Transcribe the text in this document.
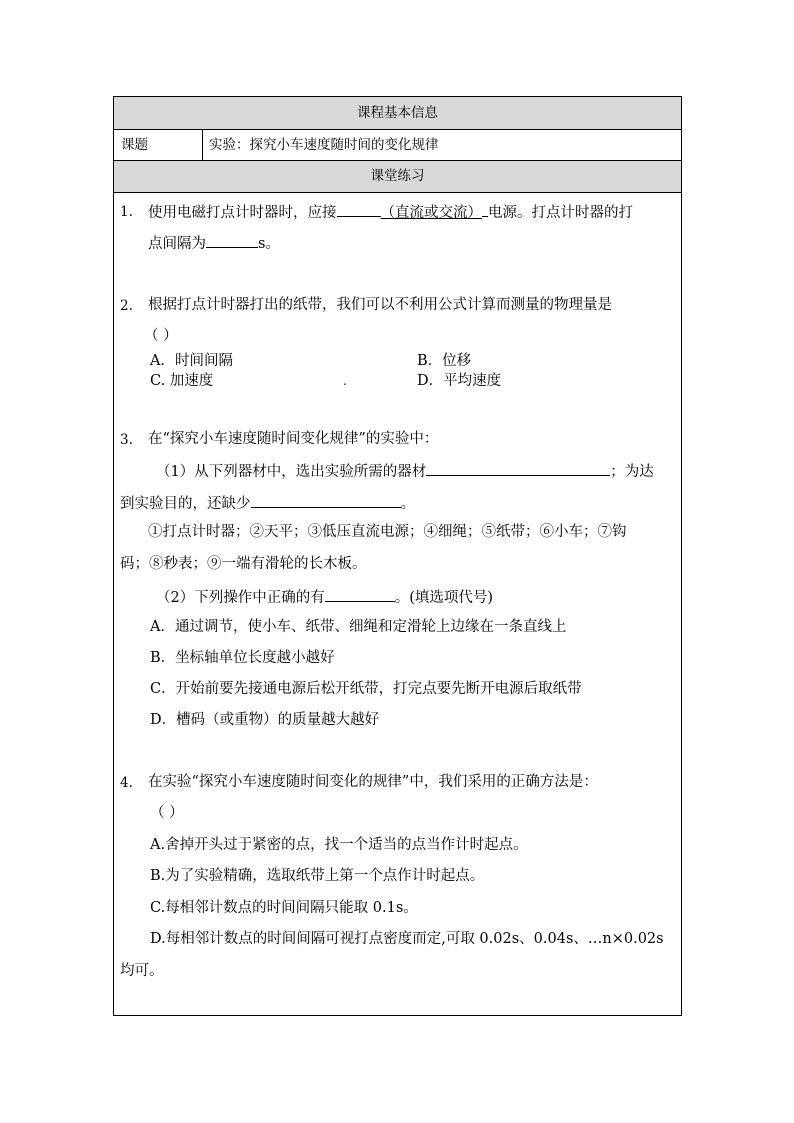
课程基本信息
课题	实验：探究小车速度随时间的变化规律
课堂练习
1. 使用电磁打点计时器时，应接	（直流或交流） 电源。打点计时器的打
点间隔为	s。
2. 根据打点计时器打出的纸带，我们可以不利用公式计算而测量的物理量是
（ ）
A．时间间隔	B．位移
C. 加速度	.	D．平均速度
3. 在“探究小车速度随时间变化规律”的实验中：
（1）从下列器材中，选出实验所需的器材	；为达
到实验目的，还缺少	。
①打点计时器；②天平；③低压直流电源；④细绳；⑤纸带；⑥小车；⑦钩
码；⑧秒表；⑨一端有滑轮的长木板。
（2）下列操作中正确的有	。(填选项代号)
A．通过调节，使小车、纸带、细绳和定滑轮上边缘在一条直线上
B．坐标轴单位长度越小越好
C．开始前要先接通电源后松开纸带，打完点要先断开电源后取纸带
D．槽码（或重物）的质量越大越好
4. 在实验“探究小车速度随时间变化的规律”中，我们采用的正确方法是：
（ ）
A.舍掉开头过于紧密的点，找一个适当的点当作计时起点。
B.为了实验精确，选取纸带上第一个点作计时起点。
C.每相邻计数点的时间间隔只能取 0.1s。
D.每相邻计数点的时间间隔可视打点密度而定,可取 0.02s、0.04s、…n×0.02s
均可。
